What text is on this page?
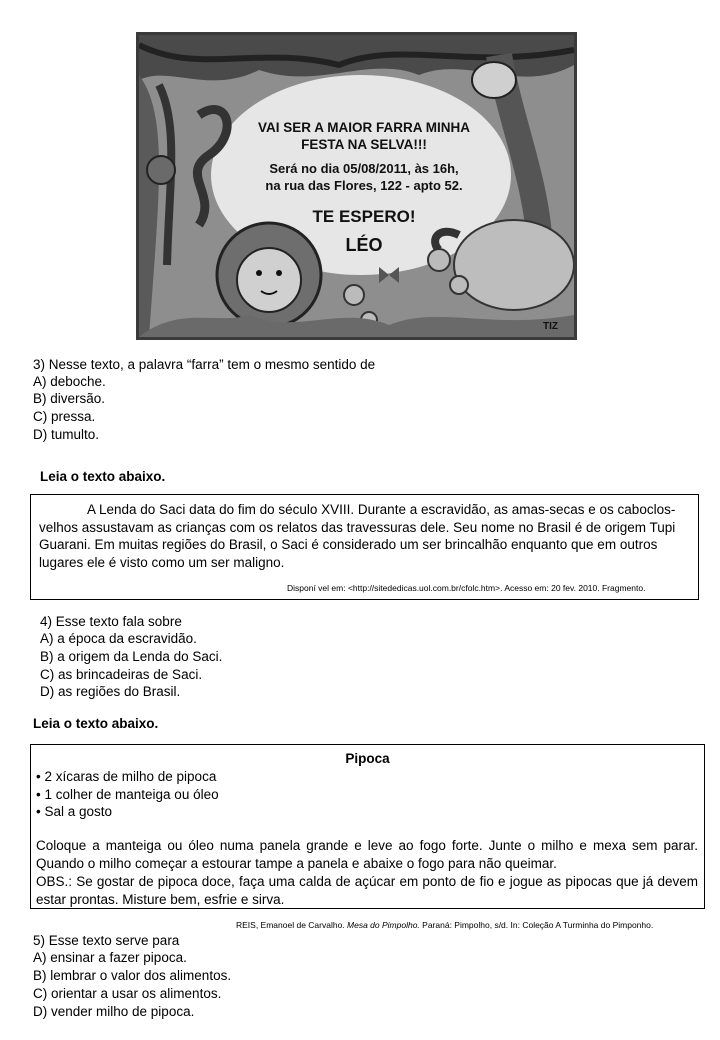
VAI SER A MAIOR FARRA MINHA
FESTA NA SELVA!!!
Será no dia 05/08/2011, às 16h,
na rua das Flores, 122 - apto 52.
TE ESPERO!
LÉO
TIZ
3) Nesse texto, a palavra “farra” tem o mesmo sentido de
A) deboche.
B) diversão.
C) pressa.
D) tumulto.
Leia o texto abaixo.
A Lenda do Saci data do fim do século XVIII. Durante a escravidão, as amas-secas e os caboclos-velhos assustavam as crianças com os relatos das travessuras dele. Seu nome no Brasil é de origem Tupi Guarani. Em muitas regiões do Brasil, o Saci é considerado um ser brincalhão enquanto que em outros lugares ele é visto como um ser maligno.
Disponí vel em: <http://sitededicas.uol.com.br/cfolc.htm>. Acesso em: 20 fev. 2010. Fragmento.
4) Esse texto fala sobre
A) a época da escravidão.
B) a origem da Lenda do Saci.
C) as brincadeiras de Saci.
D) as regiões do Brasil.
Leia o texto abaixo.
Pipoca
• 2 xícaras de milho de pipoca
• 1 colher de manteiga ou óleo
• Sal a gosto
Coloque a manteiga ou óleo numa panela grande e leve ao fogo forte. Junte o milho e mexa sem parar. Quando o milho começar a estourar tampe a panela e abaixe o fogo para não queimar.
OBS.: Se gostar de pipoca doce, faça uma calda de açúcar em ponto de fio e jogue as pipocas que já devem estar prontas. Misture bem, esfrie e sirva.
REIS, Emanoel de Carvalho. Mesa do Pimpolho. Paraná: Pimpolho, s/d. In: Coleção A Turminha do Pimponho.
5) Esse texto serve para
A) ensinar a fazer pipoca.
B) lembrar o valor dos alimentos.
C) orientar a usar os alimentos.
D) vender milho de pipoca.
